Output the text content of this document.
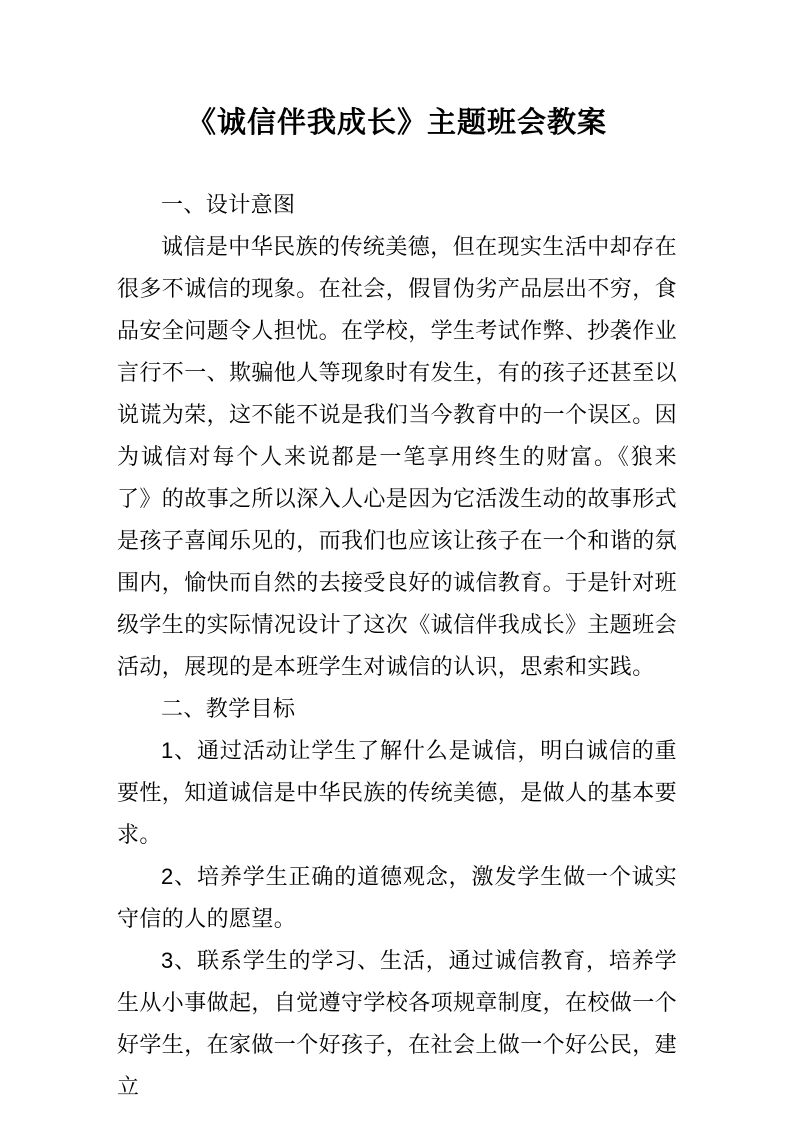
《诚信伴我成长》主题班会教案

一、设计意图

诚信是中华民族的传统美德，但在现实生活中却存在很多不诚信的现象。在社会，假冒伪劣产品层出不穷，食品安全问题令人担忧。在学校，学生考试作弊、抄袭作业言行不一、欺骗他人等现象时有发生，有的孩子还甚至以说谎为荣，这不能不说是我们当今教育中的一个误区。因为诚信对每个人来说都是一笔享用终生的财富。《狼来了》的故事之所以深入人心是因为它活泼生动的故事形式是孩子喜闻乐见的，而我们也应该让孩子在一个和谐的氛围内，愉快而自然的去接受良好的诚信教育。于是针对班级学生的实际情况设计了这次《诚信伴我成长》主题班会活动，展现的是本班学生对诚信的认识，思索和实践。

二、教学目标

1、通过活动让学生了解什么是诚信，明白诚信的重要性，知道诚信是中华民族的传统美德，是做人的基本要求。

2、培养学生正确的道德观念，激发学生做一个诚实守信的人的愿望。

3、联系学生的学习、生活，通过诚信教育，培养学生从小事做起，自觉遵守学校各项规章制度，在校做一个好学生，在家做一个好孩子，在社会上做一个好公民，建立
